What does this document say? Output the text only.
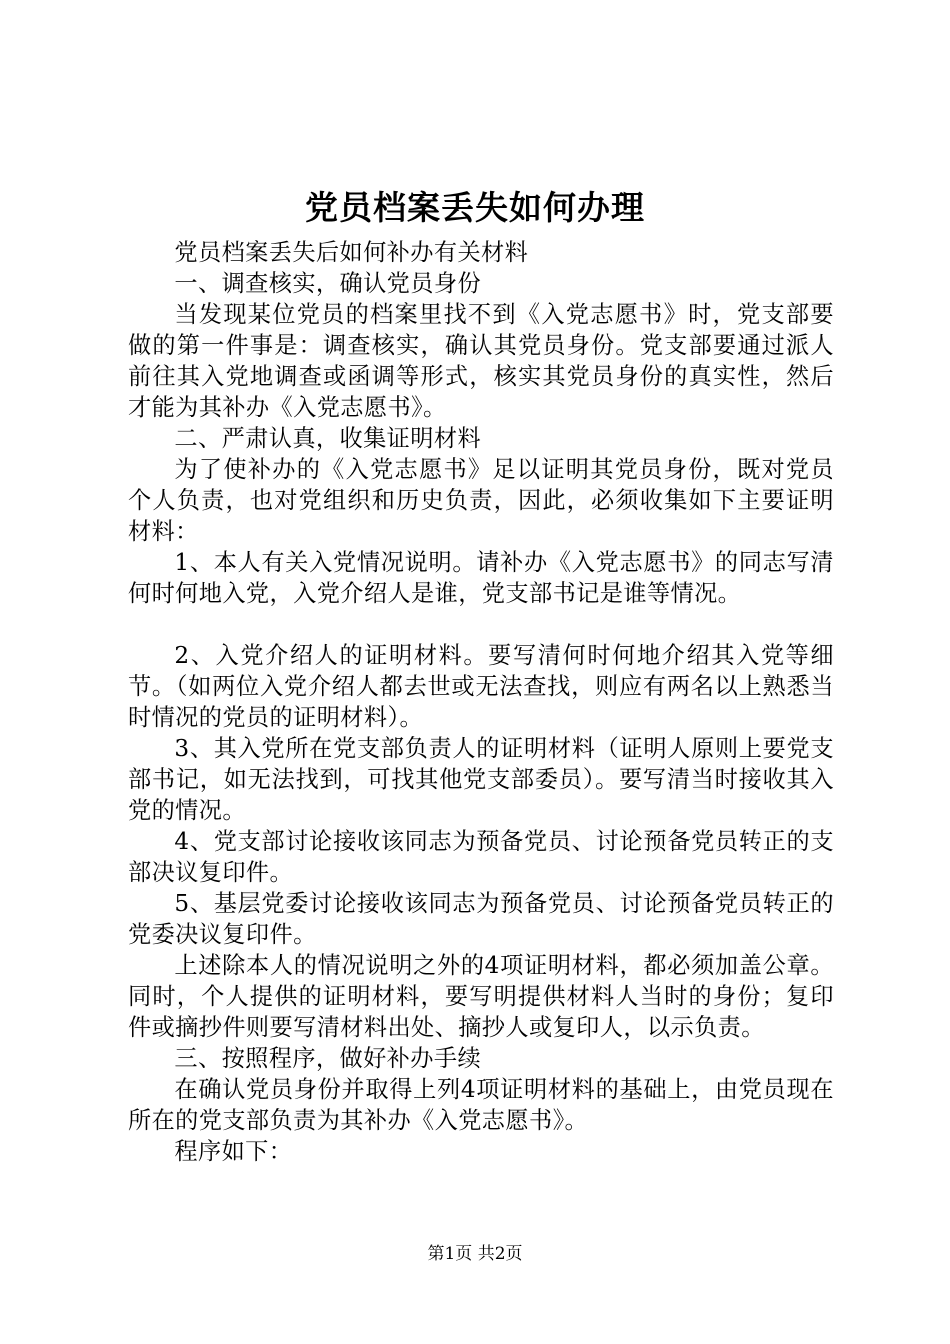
党员档案丢失如何办理

党员档案丢失后如何补办有关材料

一、调查核实，确认党员身份

当发现某位党员的档案里找不到《入党志愿书》时，党支部要做的第一件事是：调查核实，确认其党员身份。党支部要通过派人前往其入党地调查或函调等形式，核实其党员身份的真实性，然后才能为其补办《入党志愿书》。

二、严肃认真，收集证明材料

为了使补办的《入党志愿书》足以证明其党员身份，既对党员个人负责，也对党组织和历史负责，因此，必须收集如下主要证明材料：

1、本人有关入党情况说明。请补办《入党志愿书》的同志写清何时何地入党，入党介绍人是谁，党支部书记是谁等情况。

2、入党介绍人的证明材料。要写清何时何地介绍其入党等细节。（如两位入党介绍人都去世或无法查找，则应有两名以上熟悉当时情况的党员的证明材料）。

3、其入党所在党支部负责人的证明材料（证明人原则上要党支部书记，如无法找到，可找其他党支部委员）。要写清当时接收其入党的情况。

4、党支部讨论接收该同志为预备党员、讨论预备党员转正的支部决议复印件。

5、基层党委讨论接收该同志为预备党员、讨论预备党员转正的党委决议复印件。

上述除本人的情况说明之外的4项证明材料，都必须加盖公章。同时，个人提供的证明材料，要写明提供材料人当时的身份；复印件或摘抄件则要写清材料出处、摘抄人或复印人，以示负责。

三、按照程序，做好补办手续

在确认党员身份并取得上列4项证明材料的基础上，由党员现在所在的党支部负责为其补办《入党志愿书》。

程序如下：

第1页 共2页
